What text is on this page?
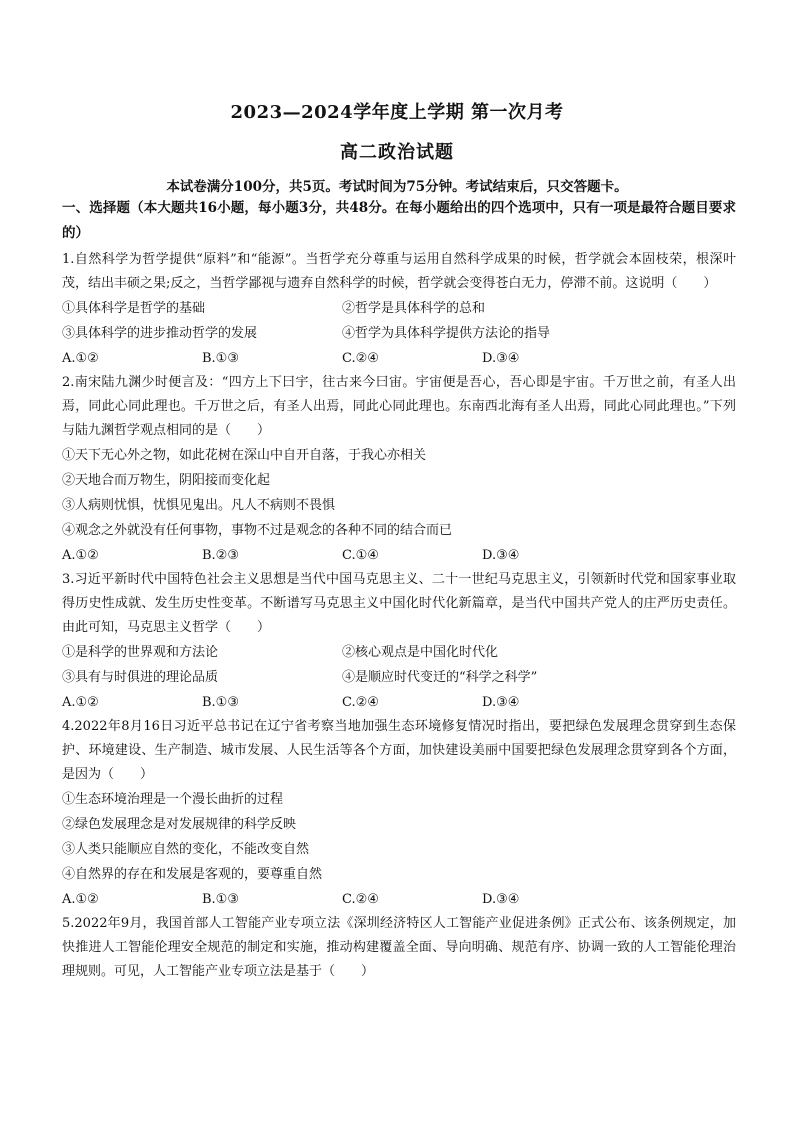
2023—2024学年度上学期 第一次月考
高二政治试题
本试卷满分100分，共5页。考试时间为75分钟。考试结束后，只交答题卡。
一、选择题（本大题共16小题，每小题3分，共48分。在每小题给出的四个选项中，只有一项是最符合题目要求的）
1.自然科学为哲学提供“原料”和“能源”。当哲学充分尊重与运用自然科学成果的时候，哲学就会本固枝荣，根深叶茂，结出丰硕之果;反之，当哲学鄙视与遗弃自然科学的时候，哲学就会变得苍白无力，停滞不前。这说明（　　）
①具体科学是哲学的基础	②哲学是具体科学的总和
③具体科学的进步推动哲学的发展	④哲学为具体科学提供方法论的指导
A.①②	B.①③	C.②④	D.③④
2.南宋陆九渊少时便言及：“四方上下曰宇，往古来今曰宙。宇宙便是吾心，吾心即是宇宙。千万世之前，有圣人出焉，同此心同此理也。千万世之后，有圣人出焉，同此心同此理也。东南西北海有圣人出焉，同此心同此理也。”下列与陆九渊哲学观点相同的是（　　）
①天下无心外之物，如此花树在深山中自开自落，于我心亦相关
②天地合而万物生，阴阳接而变化起
③人病则忧惧，忧惧见鬼出。凡人不病则不畏惧
④观念之外就没有任何事物，事物不过是观念的各种不同的结合而已
A.①②	B.②③	C.①④	D.③④
3.习近平新时代中国特色社会主义思想是当代中国马克思主义、二十一世纪马克思主义，引领新时代党和国家事业取得历史性成就、发生历史性变革。不断谱写马克思主义中国化时代化新篇章，是当代中国共产党人的庄严历史责任。由此可知，马克思主义哲学（　　）
①是科学的世界观和方法论	②核心观点是中国化时代化
③具有与时俱进的理论品质	④是顺应时代变迁的“科学之科学”
A.①②	B.①③	C.②④	D.③④
4.2022年8月16日习近平总书记在辽宁省考察当地加强生态环境修复情况时指出，要把绿色发展理念贯穿到生态保护、环境建设、生产制造、城市发展、人民生活等各个方面，加快建设美丽中国要把绿色发展理念贯穿到各个方面，是因为（　　）
①生态环境治理是一个漫长曲折的过程
②绿色发展理念是对发展规律的科学反映
③人类只能顺应自然的变化，不能改变自然
④自然界的存在和发展是客观的，要尊重自然
A.①②	B.①③	C.②④	D.③④
5.2022年9月，我国首部人工智能产业专项立法《深圳经济特区人工智能产业促进条例》正式公布、该条例规定，加快推进人工智能伦理安全规范的制定和实施，推动构建覆盖全面、导向明确、规范有序、协调一致的人工智能伦理治理规则。可见，人工智能产业专项立法是基于（　　）
